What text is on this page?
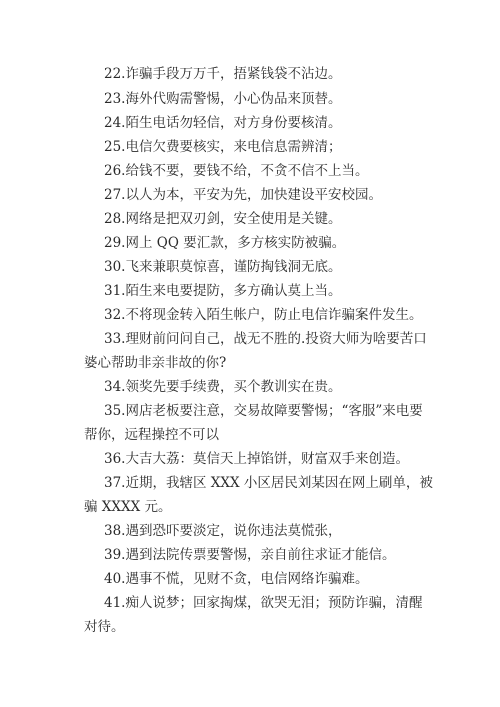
22.诈骗手段万万千，捂紧钱袋不沾边。
23.海外代购需警惕，小心伪品来顶替。
24.陌生电话勿轻信，对方身份要核清。
25.电信欠费要核实，来电信息需辨清；
26.给钱不要，要钱不给，不贪不信不上当。
27.以人为本，平安为先，加快建设平安校园。
28.网络是把双刃剑，安全使用是关键。
29.网上 QQ 要汇款，多方核实防被骗。
30.飞来兼职莫惊喜，谨防掏钱洞无底。
31.陌生来电要提防，多方确认莫上当。
32.不将现金转入陌生帐户，防止电信诈骗案件发生。
33.理财前问问自己，战无不胜的.投资大师为啥要苦口
婆心帮助非亲非故的你?
34.领奖先要手续费，买个教训实在贵。
35.网店老板要注意，交易故障要警惕；“客服”来电要
帮你，远程操控不可以
36.大吉大荔：莫信天上掉馅饼，财富双手来创造。
37.近期，我辖区 XXX 小区居民刘某因在网上刷单，被
骗 XXXX 元。
38.遇到恐吓要淡定，说你违法莫慌张，
39.遇到法院传票要警惕，亲自前往求证才能信。
40.遇事不慌，见财不贪，电信网络诈骗难。
41.痴人说梦；回家掏煤，欲哭无泪；预防诈骗，清醒
对待。
